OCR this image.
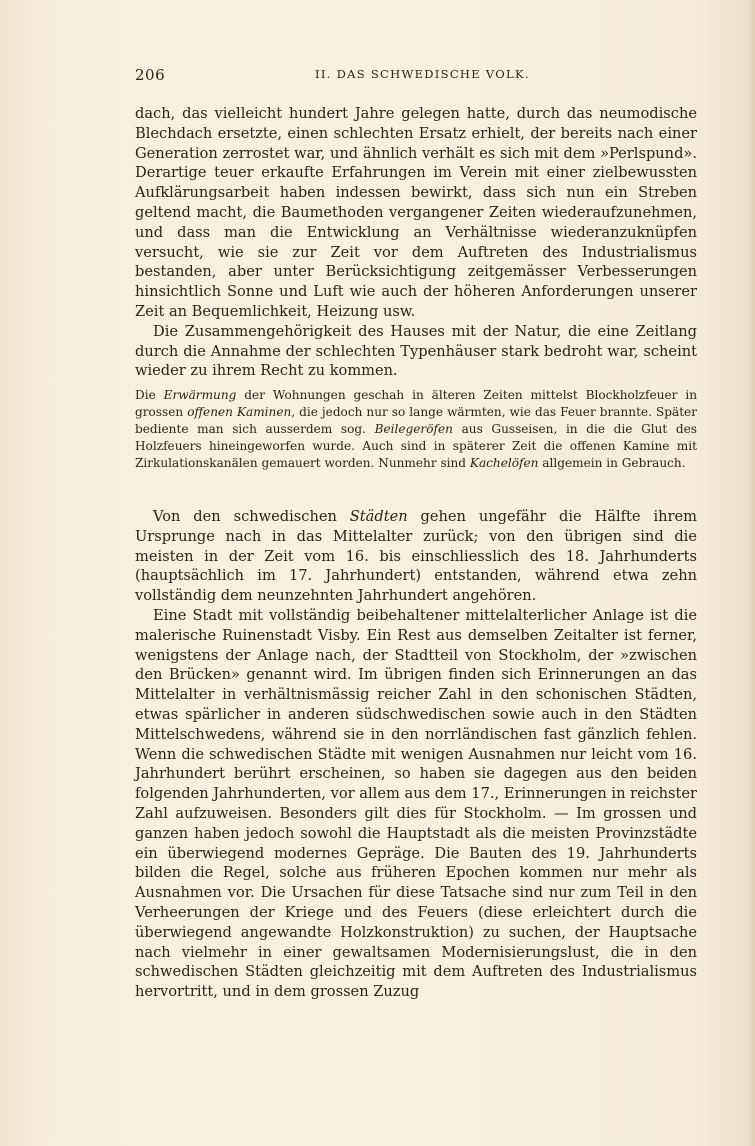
206	II. DAS SCHWEDISCHE VOLK.

dach, das vielleicht hundert Jahre gelegen hatte, durch das neumodische Blechdach ersetzte, einen schlechten Ersatz erhielt, der bereits nach einer Generation zerrostet war, und ähnlich verhält es sich mit dem »Perlspund». Derartige teuer erkaufte Erfahrungen im Verein mit einer zielbewussten Aufklärungsarbeit haben indessen bewirkt, dass sich nun ein Streben geltend macht, die Baumethoden vergangener Zeiten wiederaufzunehmen, und dass man die Entwicklung an Verhältnisse wiederanzuknüpfen versucht, wie sie zur Zeit vor dem Auftreten des Industrialismus bestanden, aber unter Berücksichtigung zeitgemässer Verbesserungen hinsichtlich Sonne und Luft wie auch der höheren Anforderungen unserer Zeit an Bequemlichkeit, Heizung usw.

Die Zusammengehörigkeit des Hauses mit der Natur, die eine Zeitlang durch die Annahme der schlechten Typenhäuser stark bedroht war, scheint wieder zu ihrem Recht zu kommen.

Die Erwärmung der Wohnungen geschah in älteren Zeiten mittelst Blockholzfeuer in grossen offenen Kaminen, die jedoch nur so lange wärmten, wie das Feuer brannte. Später bediente man sich ausserdem sog. Beilegeröfen aus Gusseisen, in die die Glut des Holzfeuers hineingeworfen wurde. Auch sind in späterer Zeit die offenen Kamine mit Zirkulationskanälen gemauert worden. Nunmehr sind Kachelöfen allgemein in Gebrauch.

Von den schwedischen Städten gehen ungefähr die Hälfte ihrem Ursprunge nach in das Mittelalter zurück; von den übrigen sind die meisten in der Zeit vom 16. bis einschliesslich des 18. Jahrhunderts (hauptsächlich im 17. Jahrhundert) entstanden, während etwa zehn vollständig dem neunzehnten Jahrhundert angehören.

Eine Stadt mit vollständig beibehaltener mittelalterlicher Anlage ist die malerische Ruinenstadt Visby. Ein Rest aus demselben Zeitalter ist ferner, wenigstens der Anlage nach, der Stadtteil von Stockholm, der »zwischen den Brücken» genannt wird. Im übrigen finden sich Erinnerungen an das Mittelalter in verhältnismässig reicher Zahl in den schonischen Städten, etwas spärlicher in anderen südschwedischen sowie auch in den Städten Mittelschwedens, während sie in den norrländischen fast gänzlich fehlen. Wenn die schwedischen Städte mit wenigen Ausnahmen nur leicht vom 16. Jahrhundert berührt erscheinen, so haben sie dagegen aus den beiden folgenden Jahrhunderten, vor allem aus dem 17., Erinnerungen in reichster Zahl aufzuweisen. Besonders gilt dies für Stockholm. — Im grossen und ganzen haben jedoch sowohl die Hauptstadt als die meisten Provinzstädte ein überwiegend modernes Gepräge. Die Bauten des 19. Jahrhunderts bilden die Regel, solche aus früheren Epochen kommen nur mehr als Ausnahmen vor. Die Ursachen für diese Tatsache sind nur zum Teil in den Verheerungen der Kriege und des Feuers (diese erleichtert durch die überwiegend angewandte Holzkonstruktion) zu suchen, der Hauptsache nach vielmehr in einer gewaltsamen Modernisierungslust, die in den schwedischen Städten gleichzeitig mit dem Auftreten des Industrialismus hervortritt, und in dem grossen Zuzug
